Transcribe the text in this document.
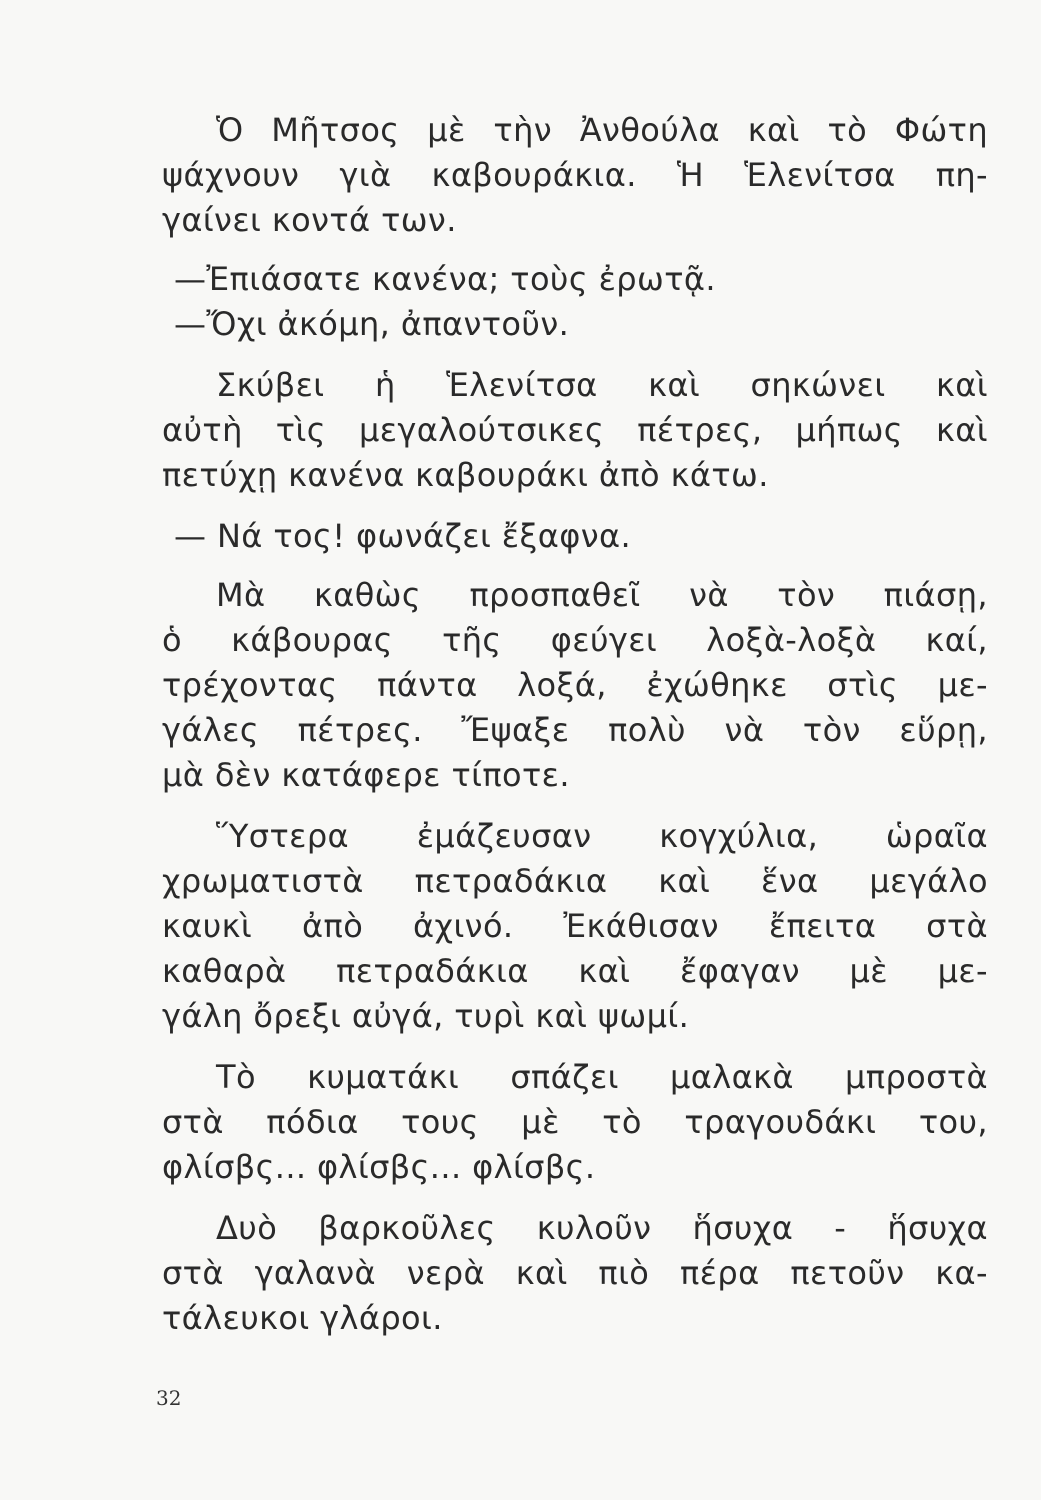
Ὁ Μῆτσος μὲ τὴν Ἀνθούλα καὶ τὸ Φώτη
ψάχνουν γιὰ καβουράκια. Ἡ Ἑλενίτσα πη-
γαίνει κοντά των.

—Ἐπιάσατε κανένα; τοὺς ἐρωτᾷ.
—Ὄχι ἀκόμη, ἀπαντοῦν.

Σκύβει ἡ Ἑλενίτσα καὶ σηκώνει καὶ
αὐτὴ τὶς μεγαλούτσικες πέτρες, μήπως καὶ
πετύχῃ κανένα καβουράκι ἀπὸ κάτω.

— Νά τος! φωνάζει ἔξαφνα.

Μὰ καθὼς προσπαθεῖ νὰ τὸν πιάσῃ,
ὁ κάβουρας τῆς φεύγει λοξὰ-λοξὰ καί,
τρέχοντας πάντα λοξά, ἐχώθηκε στὶς με-
γάλες πέτρες. Ἔψαξε πολὺ νὰ τὸν εὕρῃ,
μὰ δὲν κατάφερε τίποτε.

Ὕστερα ἐμάζευσαν κογχύλια, ὡραῖα
χρωματιστὰ πετραδάκια καὶ ἕνα μεγάλο
καυκὶ ἀπὸ ἀχινό. Ἐκάθισαν ἔπειτα στὰ
καθαρὰ πετραδάκια καὶ ἔφαγαν μὲ με-
γάλη ὄρεξι αὐγά, τυρὶ καὶ ψωμί.

Τὸ κυματάκι σπάζει μαλακὰ μπροστὰ
στὰ πόδια τους μὲ τὸ τραγουδάκι του,
φλίσβς... φλίσβς... φλίσβς.

Δυὸ βαρκοῦλες κυλοῦν ἥσυχα - ἥσυχα
στὰ γαλανὰ νερὰ καὶ πιὸ πέρα πετοῦν κα-
τάλευκοι γλάροι.

32
